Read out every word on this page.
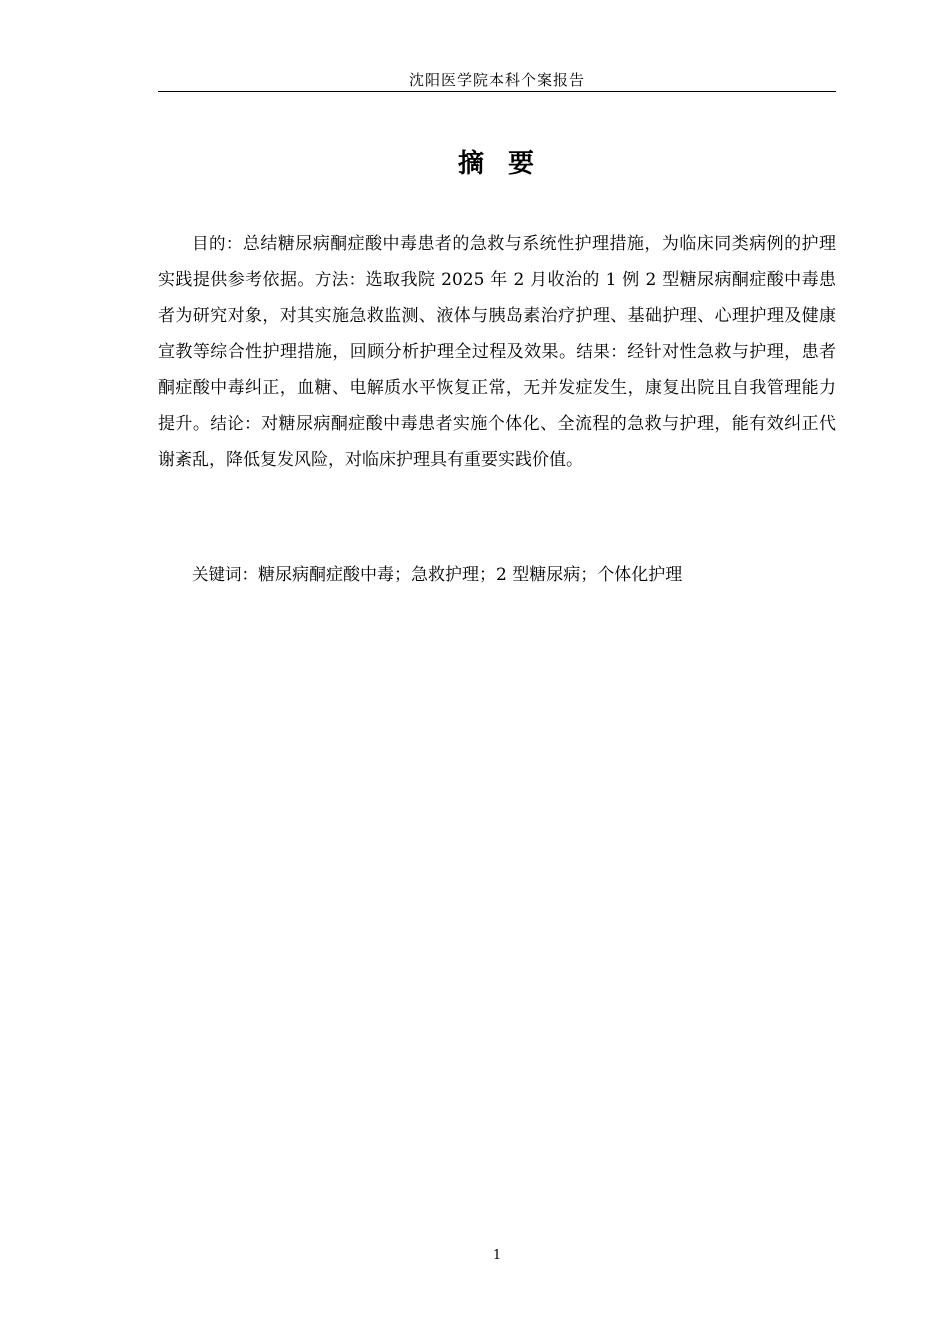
沈阳医学院本科个案报告
摘  要

目的：总结糖尿病酮症酸中毒患者的急救与系统性护理措施，为临床同类病例的护理实践提供参考依据。方法：选取我院 2025 年 2 月收治的 1 例 2 型糖尿病酮症酸中毒患者为研究对象，对其实施急救监测、液体与胰岛素治疗护理、基础护理、心理护理及健康宣教等综合性护理措施，回顾分析护理全过程及效果。结果：经针对性急救与护理，患者酮症酸中毒纠正，血糖、电解质水平恢复正常，无并发症发生，康复出院且自我管理能力提升。结论：对糖尿病酮症酸中毒患者实施个体化、全流程的急救与护理，能有效纠正代谢紊乱，降低复发风险，对临床护理具有重要实践价值。

关键词：糖尿病酮症酸中毒；急救护理；2 型糖尿病；个体化护理

1
